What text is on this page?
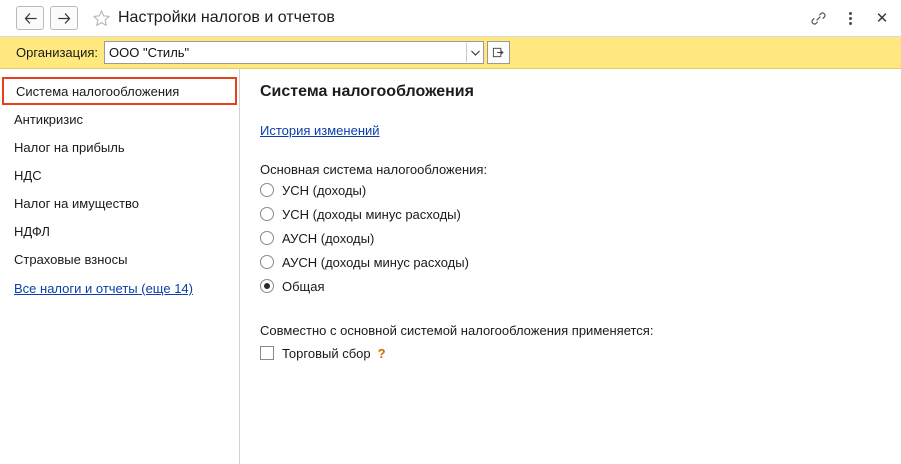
Настройки налогов и отчетов	✕
Организация:
ООО "Стиль"
Система налогообложения
Антикризис
Налог на прибыль
НДС
Налог на имущество
НДФЛ
Страховые взносы
Все налоги и отчеты (еще 14)
Система налогообложения
История изменений
Основная система налогообложения:
УСН (доходы)
УСН (доходы минус расходы)
АУСН (доходы)
АУСН (доходы минус расходы)
Общая
Совместно с основной системой налогообложения применяется:
Торговый сбор ?
